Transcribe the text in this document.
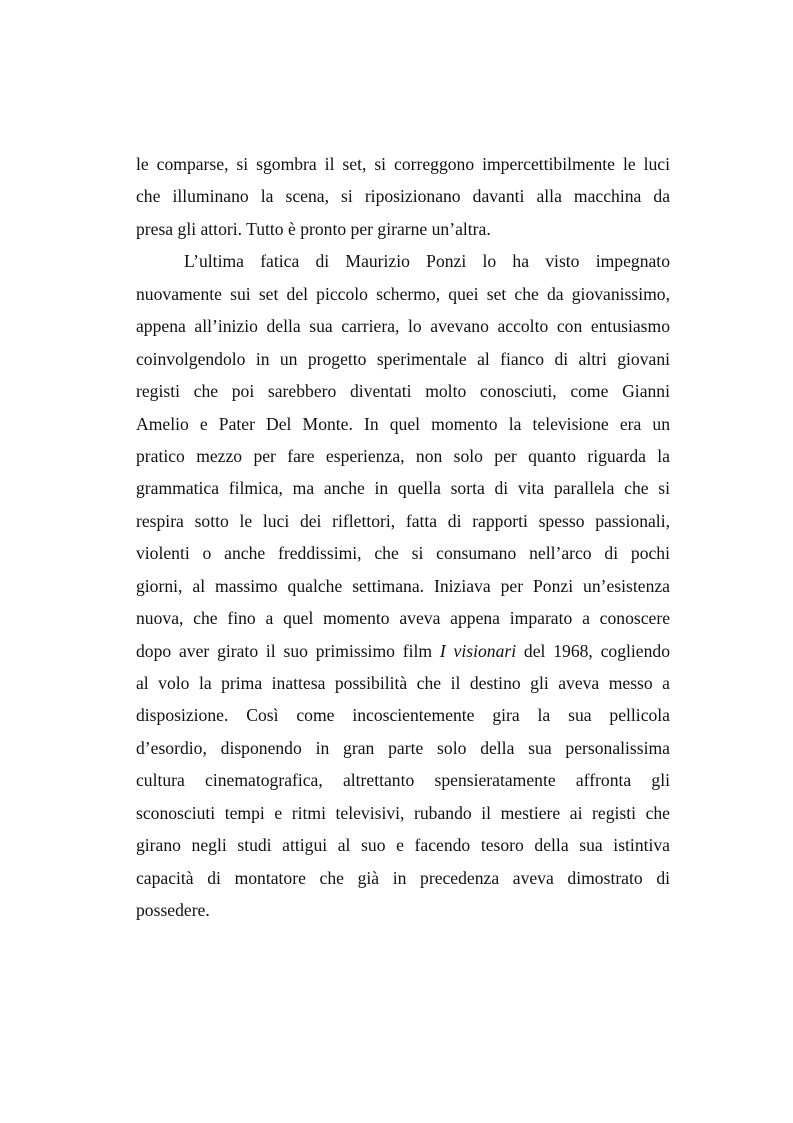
le comparse, si sgombra il set, si correggono impercettibilmente le luci
che illuminano la scena, si riposizionano davanti alla macchina da
presa gli attori. Tutto è pronto per girarne un’altra.
L’ultima fatica di Maurizio Ponzi lo ha visto impegnato
nuovamente sui set del piccolo schermo, quei set che da giovanissimo,
appena all’inizio della sua carriera, lo avevano accolto con entusiasmo
coinvolgendolo in un progetto sperimentale al fianco di altri giovani
registi che poi sarebbero diventati molto conosciuti, come Gianni
Amelio e Pater Del Monte. In quel momento la televisione era un
pratico mezzo per fare esperienza, non solo per quanto riguarda la
grammatica filmica, ma anche in quella sorta di vita parallela che si
respira sotto le luci dei riflettori, fatta di rapporti spesso passionali,
violenti o anche freddissimi, che si consumano nell’arco di pochi
giorni, al massimo qualche settimana. Iniziava per Ponzi un’esistenza
nuova, che fino a quel momento aveva appena imparato a conoscere
dopo aver girato il suo primissimo film I visionari del 1968, cogliendo
al volo la prima inattesa possibilità che il destino gli aveva messo a
disposizione. Così come incoscientemente gira la sua pellicola
d’esordio, disponendo in gran parte solo della sua personalissima
cultura cinematografica, altrettanto spensieratamente affronta gli
sconosciuti tempi e ritmi televisivi, rubando il mestiere ai registi che
girano negli studi attigui al suo e facendo tesoro della sua istintiva
capacità di montatore che già in precedenza aveva dimostrato di
possedere.
